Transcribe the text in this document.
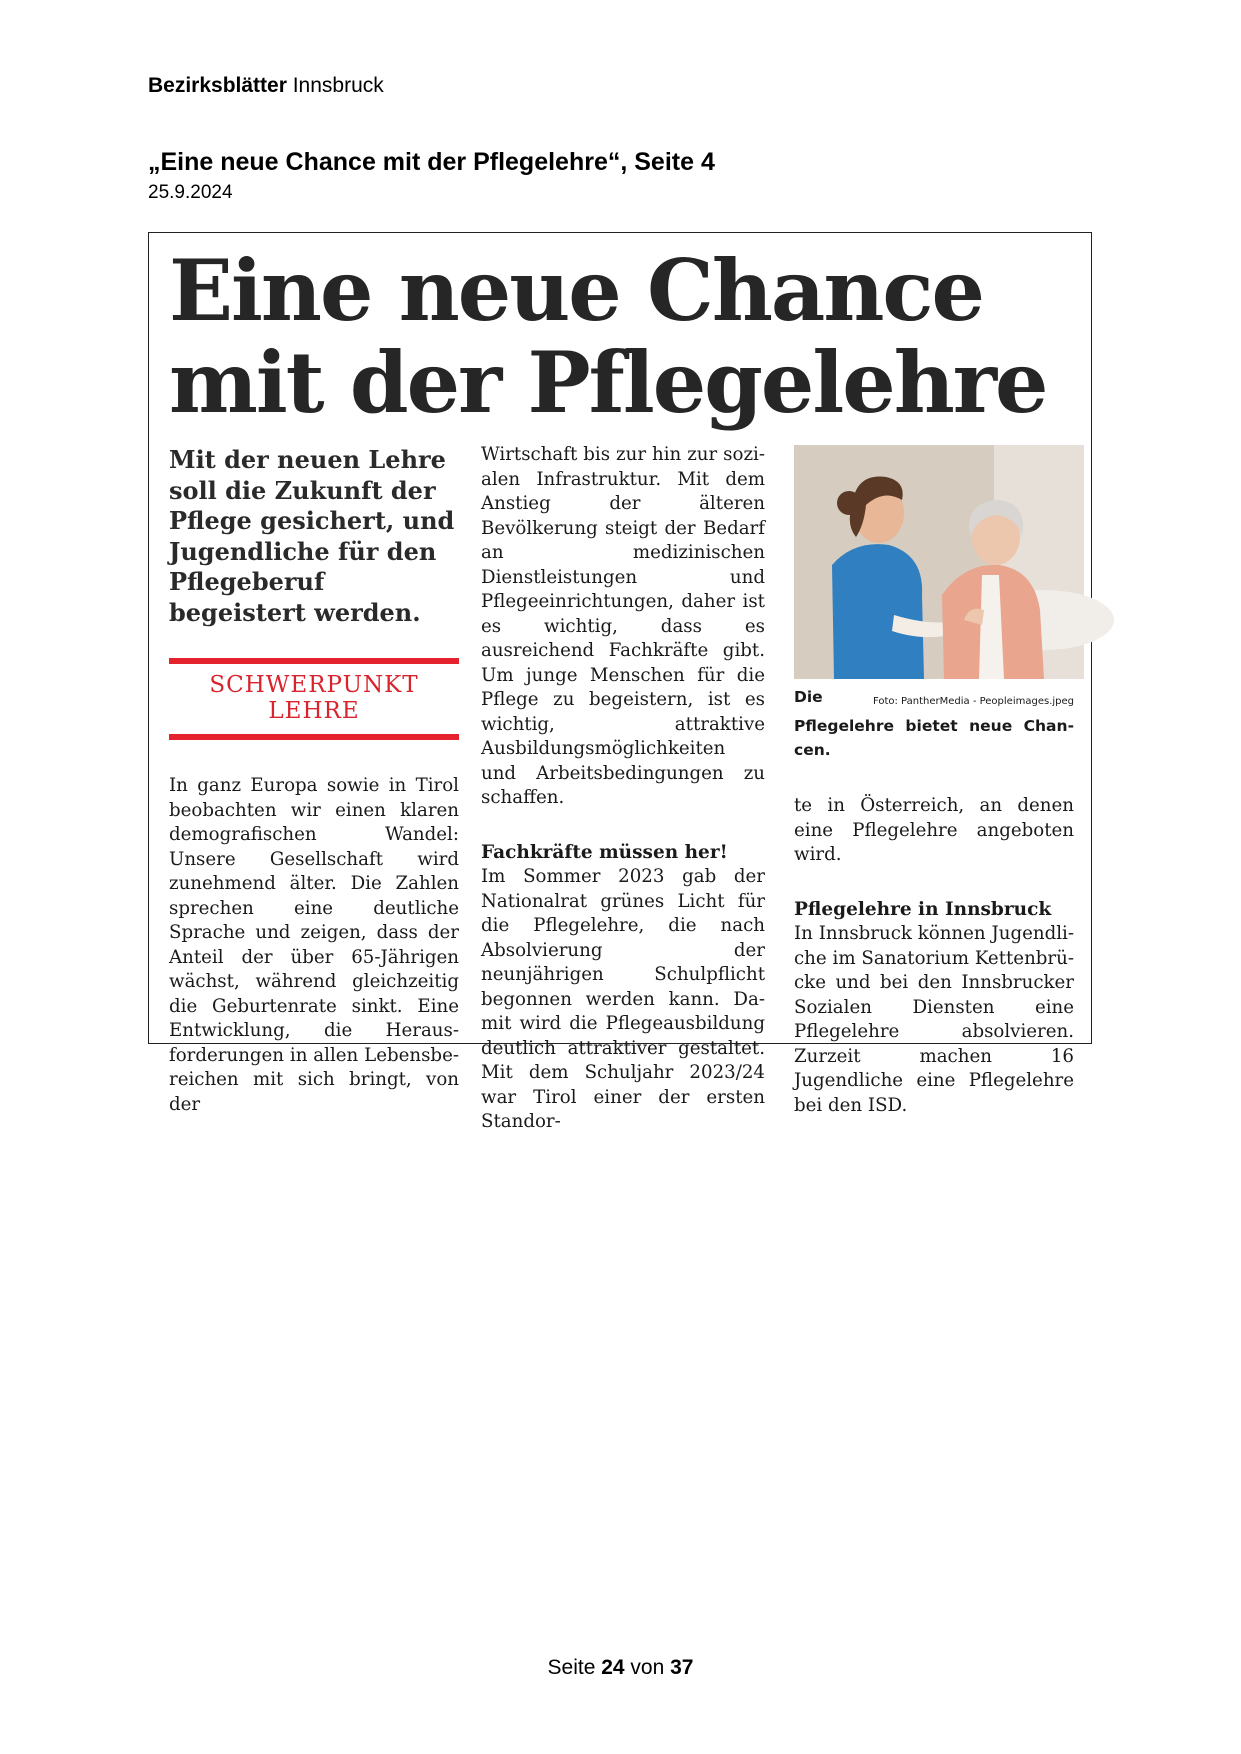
Bezirksblätter Innsbruck
„Eine neue Chance mit der Pflegelehre“, Seite 4
25.9.2024
Eine neue Chance
mit der Pflegelehre

Mit der neuen Lehre soll die Zukunft der Pflege gesichert, und Jugendliche für den Pflegeberuf begeistert werden.

SCHWERPUNKT
LEHRE

In ganz Europa sowie in Tirol beobachten wir einen klaren demografischen Wandel: Unsere Gesellschaft wird zunehmend älter. Die Zahlen sprechen eine deutliche Sprache und zeigen, dass der Anteil der über 65-Jährigen wächst, während gleichzeitig die Geburtenrate sinkt. Eine Entwicklung, die Herausforderungen in allen Lebensbereichen mit sich bringt, von der

Wirtschaft bis zur hin zur sozialen Infrastruktur. Mit dem Anstieg der älteren Bevölkerung steigt der Bedarf an medizinischen Dienstleistungen und Pflegeeinrichtungen, daher ist es wichtig, dass es ausreichend Fachkräfte gibt. Um junge Menschen für die Pflege zu begeistern, ist es wichtig, attraktive Ausbildungsmöglichkeiten und Arbeitsbedingungen zu schaffen.

Fachkräfte müssen her!

Im Sommer 2023 gab der Nationalrat grünes Licht für die Pflegelehre, die nach Absolvierung der neunjährigen Schulpflicht begonnen werden kann. Damit wird die Pflegeausbildung deutlich attraktiver gestaltet. Mit dem Schuljahr 2023/24 war Tirol einer der ersten Standor-

Foto: PantherMedia - Peopleimages.jpeg
Die Pflegelehre bietet neue Chancen.

te in Österreich, an denen eine Pflegelehre angeboten wird.

Pflegelehre in Innsbruck

In Innsbruck können Jugendliche im Sanatorium Kettenbrücke und bei den Innsbrucker Sozialen Diensten eine Pflegelehre absolvieren. Zurzeit machen 16 Jugendliche eine Pflegelehre bei den ISD.

Seite 24 von 37
